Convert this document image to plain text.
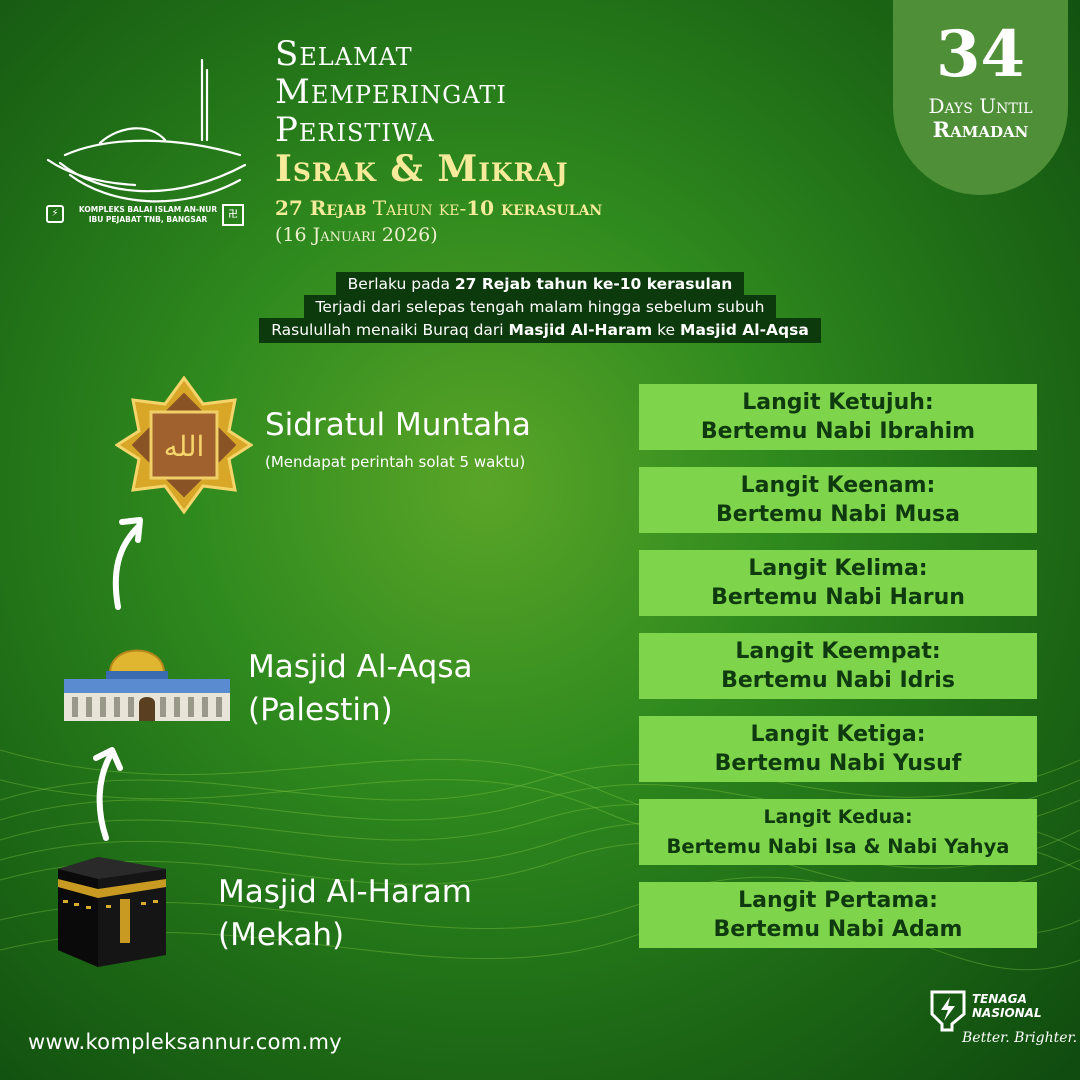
⚡	KOMPLEKS BALAI ISLAM AN-NUR
IBU PEJABAT TNB, BANGSAR	卍
Selamat
Memperingati
Peristiwa
Israk & Mikraj
27 Rejab Tahun ke-10 kerasulan
(16 Januari 2026)
34
Days Until
Ramadan
Berlaku pada 27 Rejab tahun ke-10 kerasulan
Terjadi dari selepas tengah malam hingga sebelum subuh
Rasulullah menaiki Buraq dari Masjid Al-Haram ke Masjid Al-Aqsa
الله
Sidratul Muntaha
(Mendapat perintah solat 5 waktu)
Masjid Al-Aqsa
(Palestin)
Masjid Al-Haram
(Mekah)
Langit Ketujuh:
Bertemu Nabi Ibrahim
Langit Keenam:
Bertemu Nabi Musa
Langit Kelima:
Bertemu Nabi Harun
Langit Keempat:
Bertemu Nabi Idris
Langit Ketiga:
Bertemu Nabi Yusuf
Langit Kedua:
Bertemu Nabi Isa & Nabi Yahya
Langit Pertama:
Bertemu Nabi Adam
www.kompleksannur.com.my
TENAGA
NASIONAL
Better. Brighter.
